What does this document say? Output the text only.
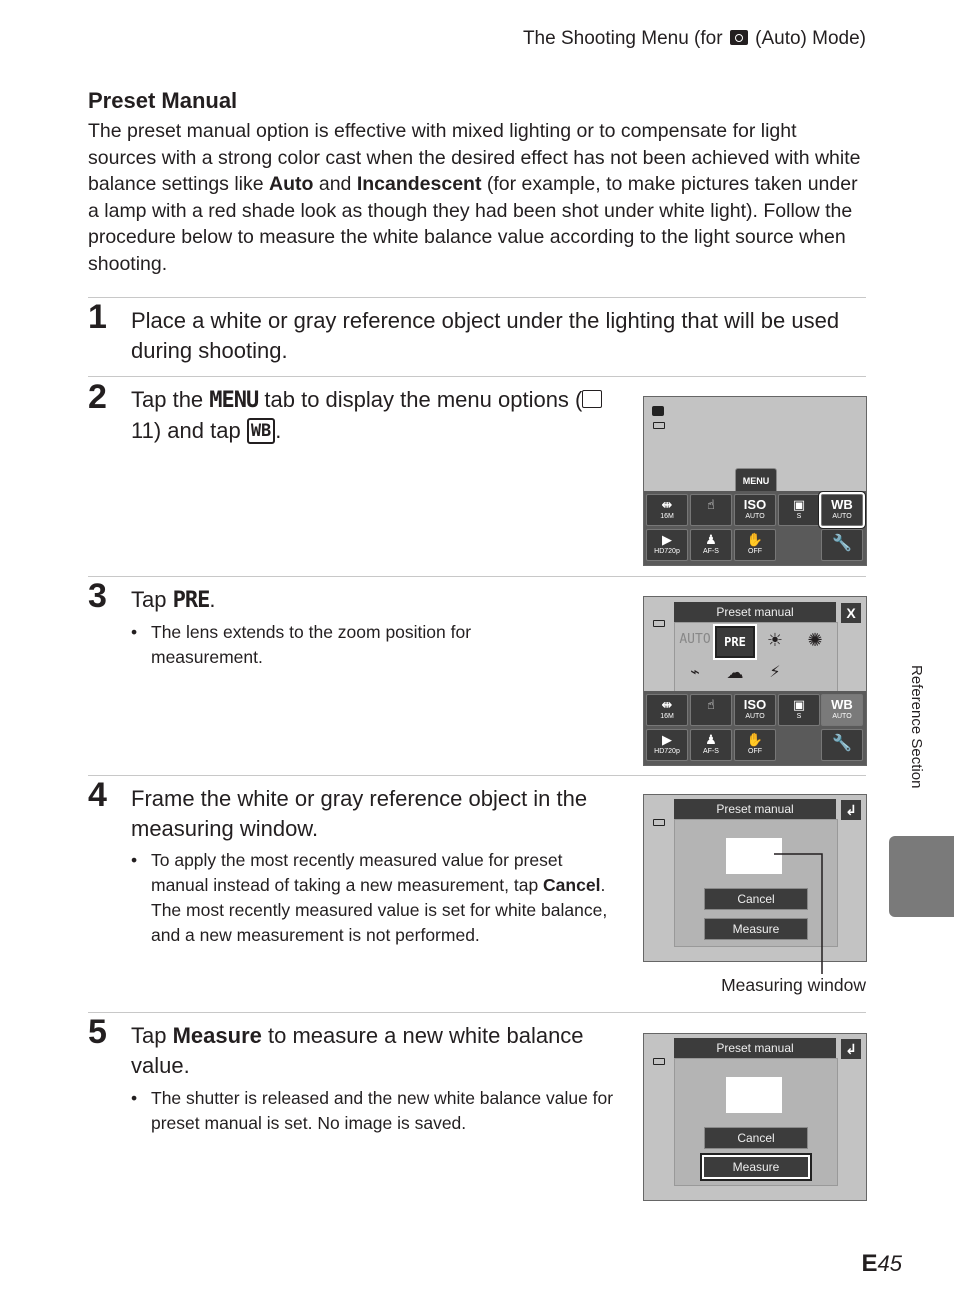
The Shooting Menu (for (Auto) Mode)
Preset Manual
The preset manual option is effective with mixed lighting or to compensate for light sources with a strong color cast when the desired effect has not been achieved with white balance settings like Auto and Incandescent (for example, to make pictures taken under a lamp with a red shade look as though they had been shot under white light). Follow the procedure below to measure the white balance value according to the light source when shooting.
1 Place a white or gray reference object under the lighting that will be used during shooting.
2 Tap the MENU tab to display the menu options (11) and tap WB .
MENU
⇼
16M
☝	ISO
AUTO
▣
S
WB
AUTO
▶
HD720p
♟
AF-S
✋
OFF	🔧
3 Tap PRE.
• The lens extends to the zoom position for measurement.
Preset manual	X
AUTO	PRE	☀	✺
⌁	☁	⚡
⇼
16M
☝	ISO
AUTO
▣
S
WB
AUTO
▶
HD720p
♟
AF-S
✋
OFF	🔧
4 Frame the white or gray reference object in the measuring window.
• To apply the most recently measured value for preset manual instead of taking a new measurement, tap Cancel. The most recently measured value is set for white balance, and a new measurement is not performed.
Preset manual	↲
Cancel
Measure
Measuring window
5 Tap Measure to measure a new white balance value.
• The shutter is released and the new white balance value for preset manual is set. No image is saved.
Preset manual	↲
Cancel
Measure
Reference Section
E45
